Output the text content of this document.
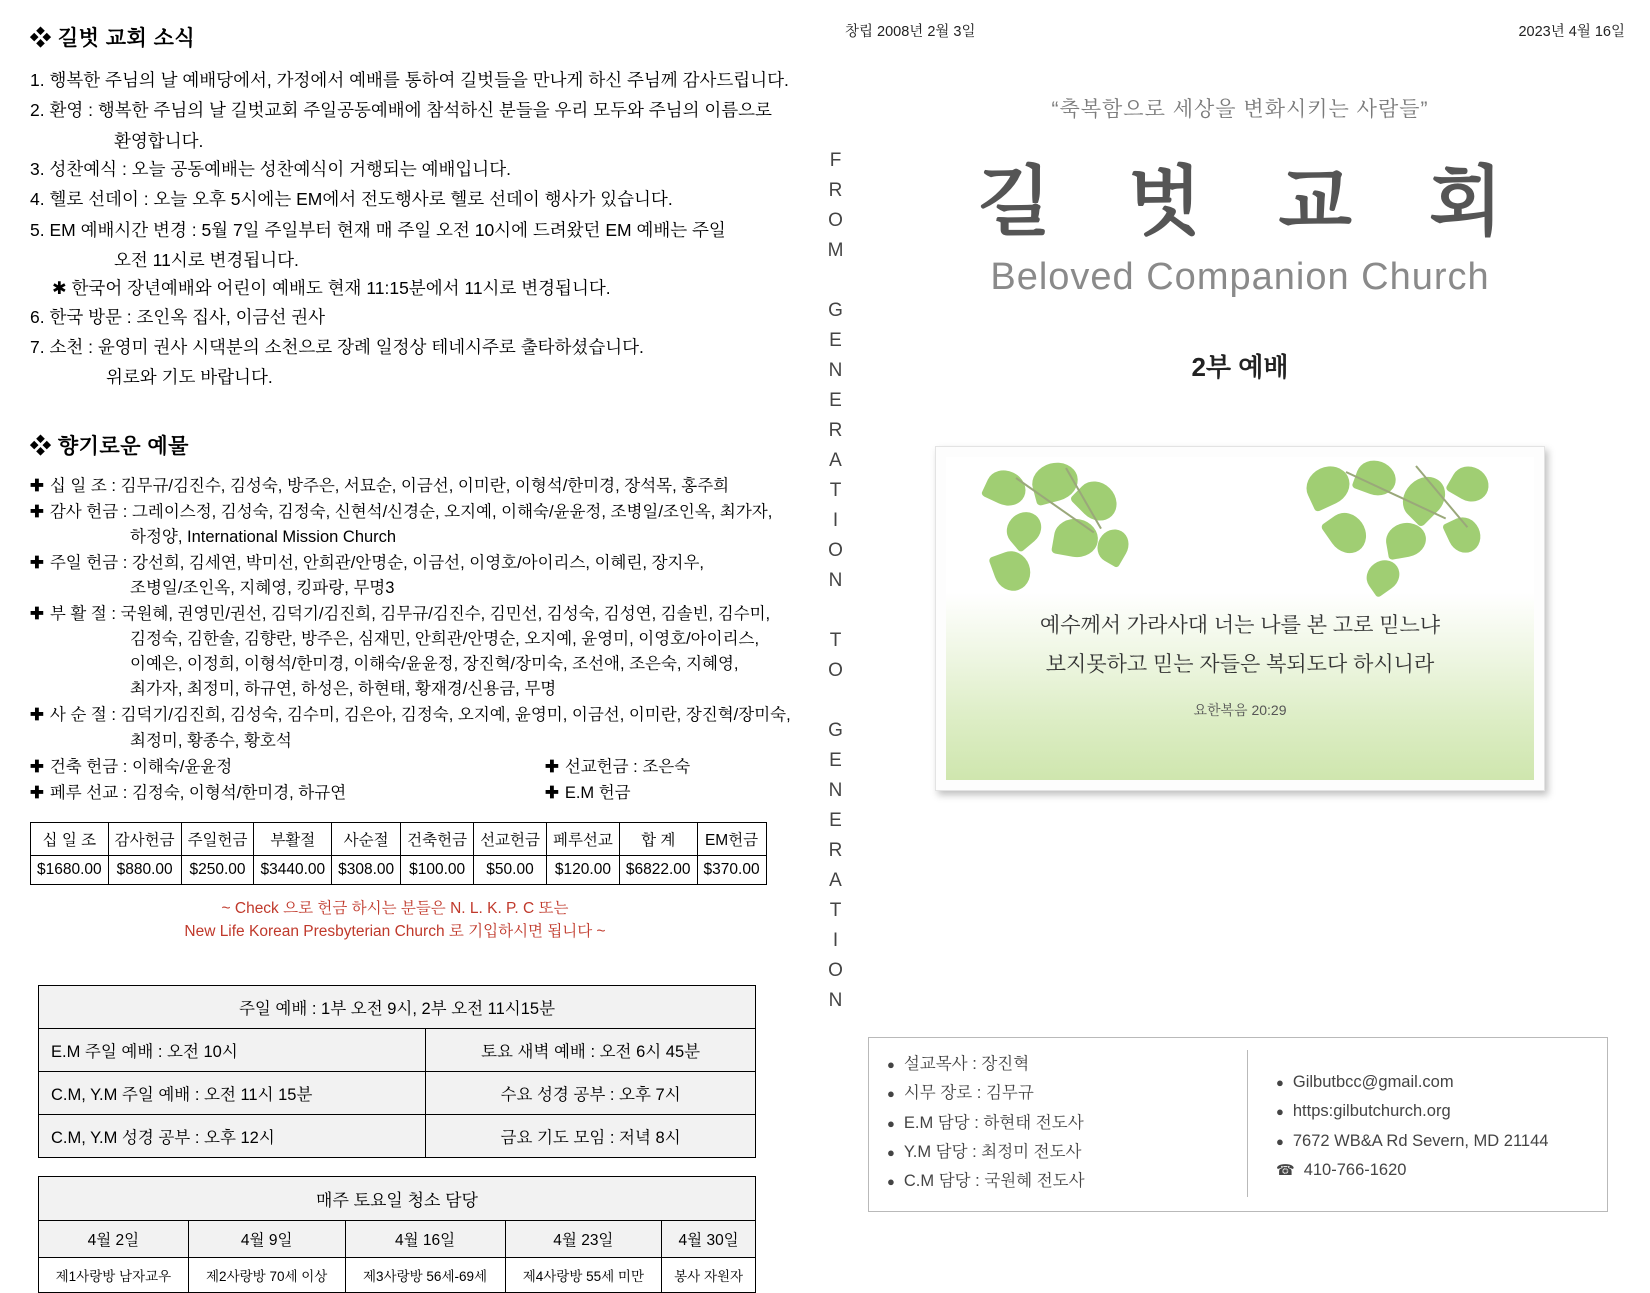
❖ 길벗 교회 소식
1. 행복한 주님의 날 예배당에서, 가정에서 예배를 통하여 길벗들을 만나게 하신 주님께 감사드립니다.
2. 환영 : 행복한 주님의 날 길벗교회 주일공동예배에 참석하신 분들을 우리 모두와 주님의 이름으로
환영합니다.
3. 성찬예식 : 오늘 공동예배는 성찬예식이 거행되는 예배입니다.
4. 헬로 선데이 : 오늘 오후 5시에는 EM에서 전도행사로 헬로 선데이 행사가 있습니다.
5. EM 예배시간 변경 : 5월 7일 주일부터 현재 매 주일 오전 10시에 드려왔던 EM 예배는 주일
오전 11시로 변경됩니다.
✱ 한국어 장년예배와 어린이 예배도 현재 11:15분에서 11시로 변경됩니다.
6. 한국 방문 : 조인옥 집사, 이금선 권사
7. 소천 : 윤영미 권사 시댁분의 소천으로 장례 일정상 테네시주로 출타하셨습니다.
위로와 기도 바랍니다.
❖ 향기로운 예물
✚ 십 일 조 : 김무규/김진수, 김성숙, 방주은, 서묘순, 이금선, 이미란, 이형석/한미경, 장석목, 홍주희
✚ 감사 헌금 : 그레이스정, 김성숙, 김정숙, 신현석/신경순, 오지예, 이해숙/윤윤정, 조병일/조인옥, 최가자,
하정양, International Mission Church
✚ 주일 헌금 : 강선희, 김세연, 박미선, 안희관/안명순, 이금선, 이영호/아이리스, 이혜린, 장지우,
조병일/조인옥, 지혜영, 킹파랑, 무명3
✚ 부 활 절 : 국원혜, 권영민/권선, 김덕기/김진희, 김무규/김진수, 김민선, 김성숙, 김성연, 김솔빈, 김수미,
김정숙, 김한솔, 김향란, 방주은, 심재민, 안희관/안명순, 오지예, 윤영미, 이영호/아이리스,
이예은, 이정희, 이형석/한미경, 이해숙/윤윤정, 장진혁/장미숙, 조선애, 조은숙, 지혜영,
최가자, 최정미, 하규연, 하성은, 하현태, 황재경/신용금, 무명
✚ 사 순 절 : 김덕기/김진희, 김성숙, 김수미, 김은아, 김정숙, 오지예, 윤영미, 이금선, 이미란, 장진혁/장미숙,
최정미, 황종수, 황호석
✚ 건축 헌금 : 이해숙/윤윤정	✚ 선교헌금 : 조은숙
✚ 페루 선교 : 김정숙, 이형석/한미경, 하규연	✚ E.M 헌금
십 일 조	감사헌금	주일헌금	부활절	사순절	건축헌금	선교헌금	페루선교	합 계	EM헌금
$1680.00	$880.00	$250.00	$3440.00	$308.00	$100.00	$50.00	$120.00	$6822.00	$370.00
~ Check 으로 헌금 하시는 분들은 N. L. K. P. C 또는
New Life Korean Presbyterian Church 로 기입하시면 됩니다 ~
주일 예배 : 1부 오전 9시, 2부 오전 11시15분	
E.M 주일 예배 : 오전 10시	토요 새벽 예배 : 오전 6시 45분
C.M, Y.M 주일 예배 : 오전 11시 15분	수요 성경 공부 : 오후 7시
C.M, Y.M 성경 공부 : 오후 12시	금요 기도 모임 : 저녁 8시
매주 토요일 청소 담당				
4월 2일	4월 9일	4월 16일	4월 23일	4월 30일
제1사랑방 남자교우	제2사랑방 70세 이상	제3사랑방 56세-69세	제4사랑방 55세 미만	봉사 자원자
FROM GENERATION TO GENERATION
창립 2008년 2월 3일	2023년 4월 16일
“축복함으로 세상을 변화시키는 사람들”
길 벗 교 회
Beloved Companion Church
2부 예배
예수께서 가라사대 너는 나를 본 고로 믿느냐
보지못하고 믿는 자들은 복되도다 하시니라
요한복음 20:29
● 설교목사 : 장진혁
● 시무 장로 : 김무규
● E.M 담당 : 하현태 전도사
● Y.M 담당 : 최정미 전도사
● C.M 담당 : 국원혜 전도사
● Gilbutbcc@gmail.com
● https:gilbutchurch.org
● 7672 WB&A Rd Severn, MD 21144
☎ 410-766-1620
